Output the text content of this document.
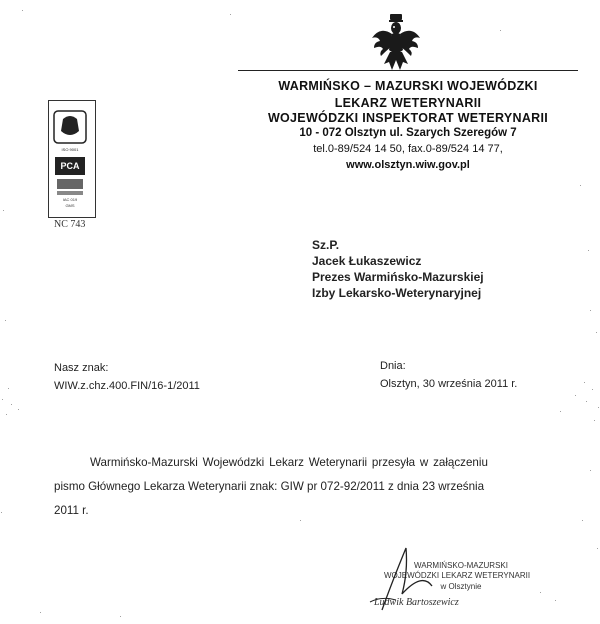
WARMIŃSKO – MAZURSKI WOJEWÓDZKI
LEKARZ WETERYNARII
WOJEWÓDZKI INSPEKTORAT WETERYNARII
10 - 072 Olsztyn ul. Szarych Szeregów 7
tel.0-89/524 14 50, fax.0-89/524 14 77,
www.olsztyn.wiw.gov.pl
ISO 9001
PCA
IAC 019
GMS
NC 743
Sz.P.
Jacek Łukaszewicz
Prezes Warmińsko-Mazurskiej
Izby Lekarsko-Weterynaryjnej
Nasz znak:
WIW.z.chz.400.FIN/16-1/2011
Dnia:
Olsztyn, 30 września 2011 r.
Warmińsko-Mazurski Wojewódzki Lekarz Weterynarii przesyła w załączeniu
pismo Głównego Lekarza Weterynarii znak: GIW pr 072-92/2011 z dnia 23 września
2011 r.
WARMIŃSKO-MAZURSKI
WOJEWÓDZKI LEKARZ WETERYNARII
w Olsztynie
Ludwik Bartoszewicz
